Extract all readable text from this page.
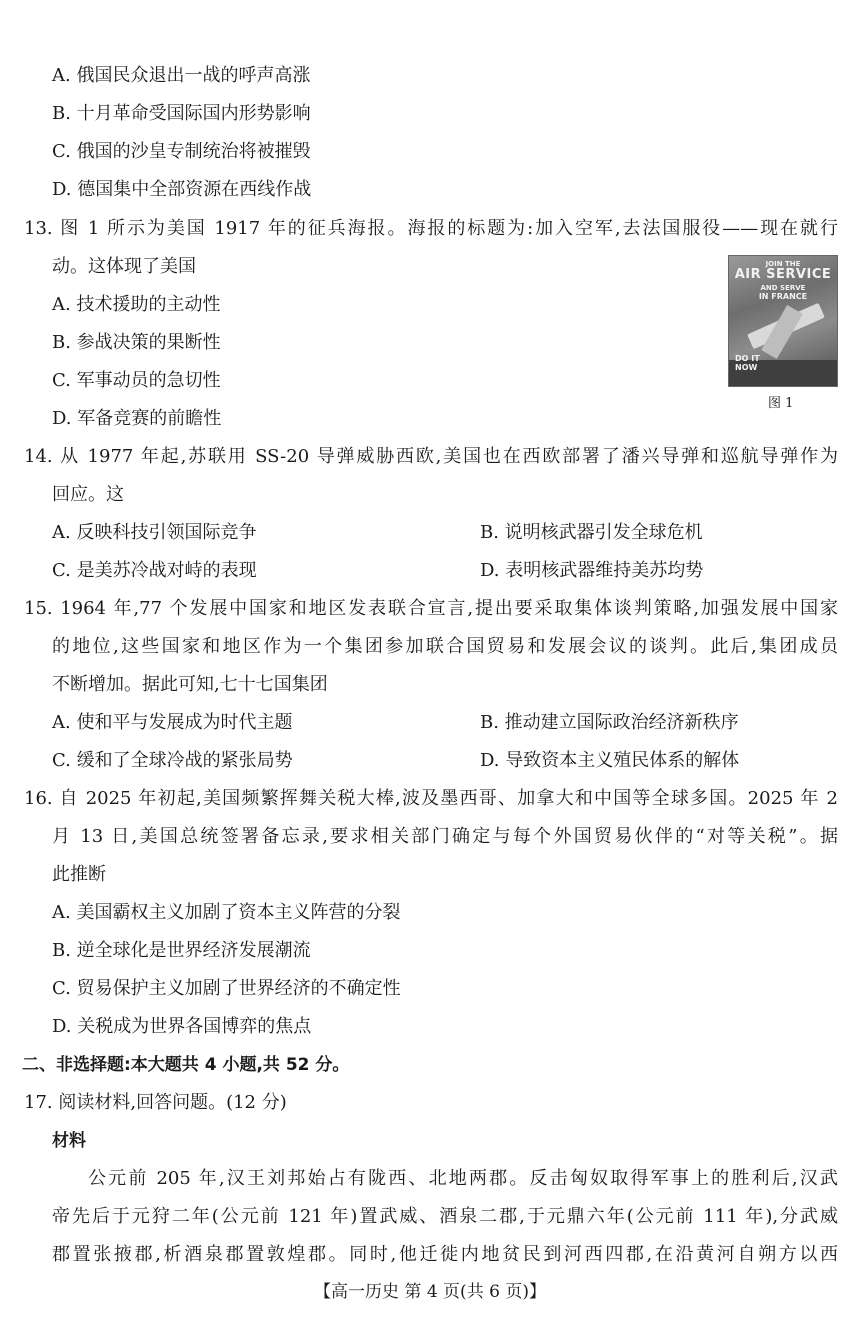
A. 俄国民众退出一战的呼声高涨
B. 十月革命受国际国内形势影响
C. 俄国的沙皇专制统治将被摧毁
D. 德国集中全部资源在西线作战
13. 图 1 所示为美国 1917 年的征兵海报。海报的标题为:加入空军,去法国服役——现在就行
动。这体现了美国
A. 技术援助的主动性
B. 参战决策的果断性
C. 军事动员的急切性
D. 军备竞赛的前瞻性
JOIN THE
AIR SERVICE
AND SERVE
IN FRANCE
DO IT
NOW
图 1
14. 从 1977 年起,苏联用 SS-20 导弹威胁西欧,美国也在西欧部署了潘兴导弹和巡航导弹作为
回应。这
A. 反映科技引领国际竞争	B. 说明核武器引发全球危机
C. 是美苏冷战对峙的表现	D. 表明核武器维持美苏均势
15. 1964 年,77 个发展中国家和地区发表联合宣言,提出要采取集体谈判策略,加强发展中国家
的地位,这些国家和地区作为一个集团参加联合国贸易和发展会议的谈判。此后,集团成员
不断增加。据此可知,七十七国集团
A. 使和平与发展成为时代主题	B. 推动建立国际政治经济新秩序
C. 缓和了全球冷战的紧张局势	D. 导致资本主义殖民体系的解体
16. 自 2025 年初起,美国频繁挥舞关税大棒,波及墨西哥、加拿大和中国等全球多国。2025 年 2
月 13 日,美国总统签署备忘录,要求相关部门确定与每个外国贸易伙伴的“对等关税”。据
此推断
A. 美国霸权主义加剧了资本主义阵营的分裂
B. 逆全球化是世界经济发展潮流
C. 贸易保护主义加剧了世界经济的不确定性
D. 关税成为世界各国博弈的焦点
二、非选择题:本大题共 4 小题,共 52 分。
17. 阅读材料,回答问题。(12 分)
材料
公元前 205 年,汉王刘邦始占有陇西、北地两郡。反击匈奴取得军事上的胜利后,汉武
帝先后于元狩二年(公元前 121 年)置武威、酒泉二郡,于元鼎六年(公元前 111 年),分武威
郡置张掖郡,析酒泉郡置敦煌郡。同时,他迁徙内地贫民到河西四郡,在沿黄河自朔方以西
【高一历史 第 4 页(共 6 页)】
